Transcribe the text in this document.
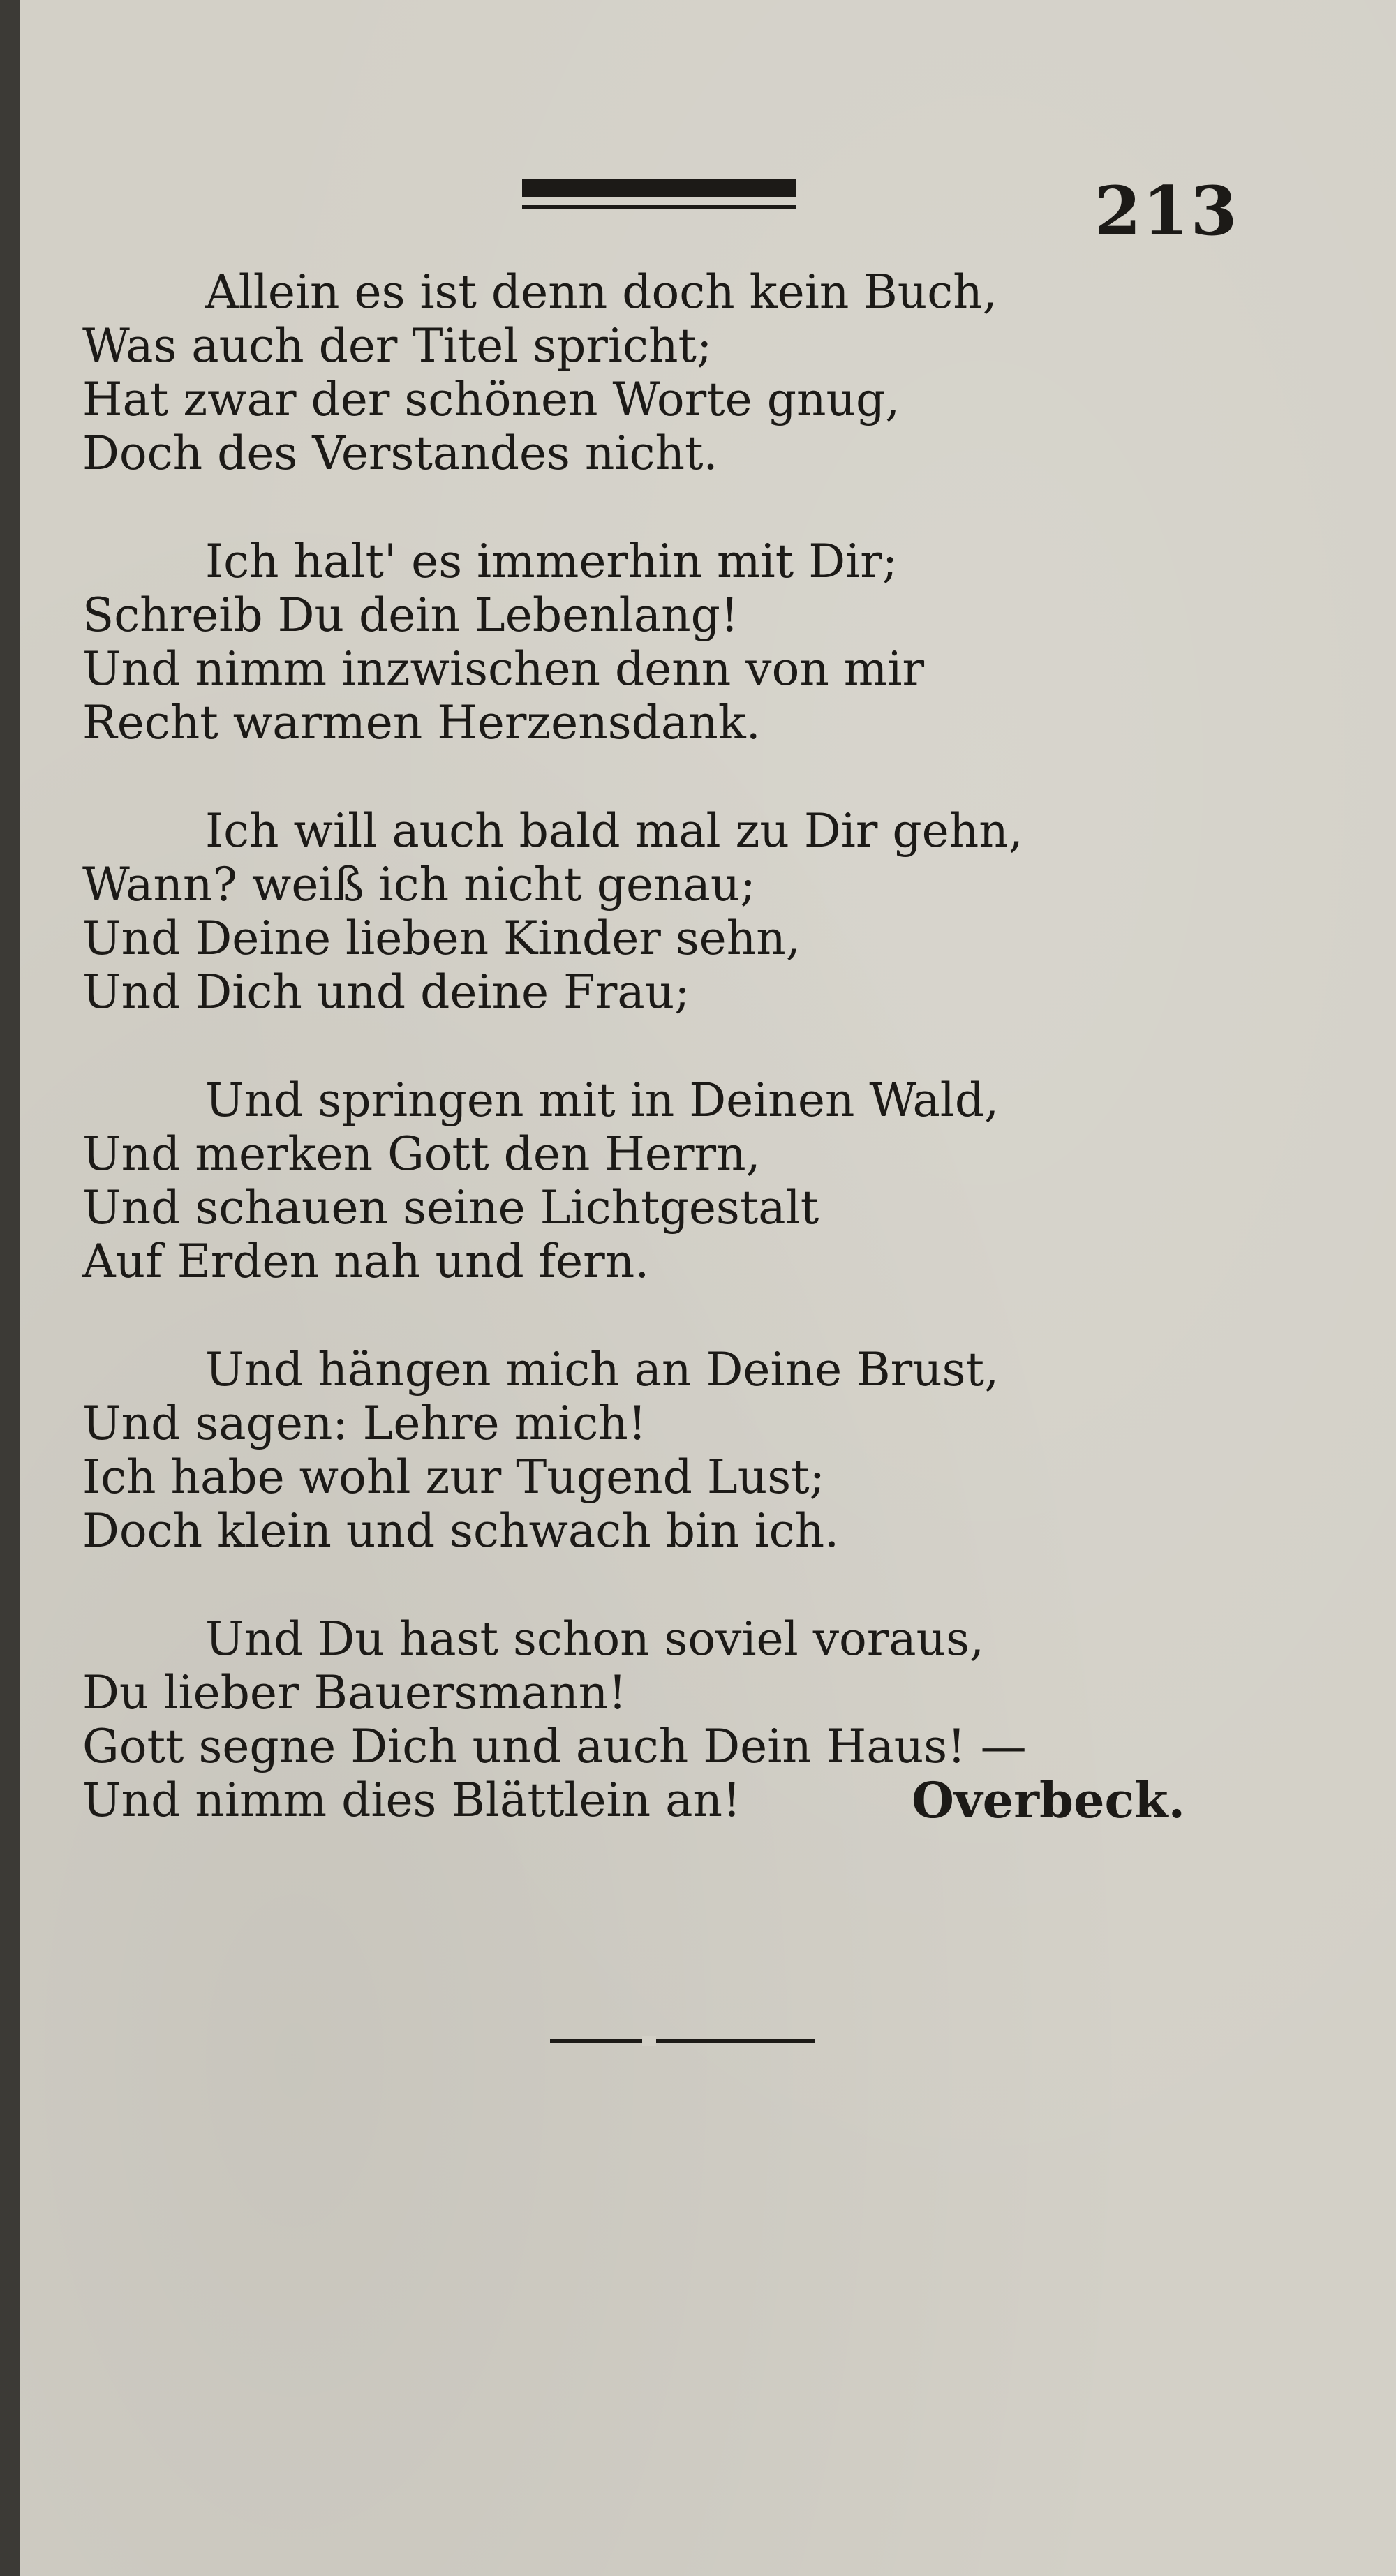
213
Allein es ist denn doch kein Buch,
Was auch der Titel spricht;
Hat zwar der schönen Worte gnug,
Doch des Verstandes nicht.
Ich halt' es immerhin mit Dir;
Schreib Du dein Lebenlang!
Und nimm inzwischen denn von mir
Recht warmen Herzensdank.
Ich will auch bald mal zu Dir gehn,
Wann? weiß ich nicht genau;
Und Deine lieben Kinder sehn,
Und Dich und deine Frau;
Und springen mit in Deinen Wald,
Und merken Gott den Herrn,
Und schauen seine Lichtgestalt
Auf Erden nah und fern.
Und hängen mich an Deine Brust,
Und sagen: Lehre mich!
Ich habe wohl zur Tugend Lust;
Doch klein und schwach bin ich.
Und Du hast schon soviel voraus,
Du lieber Bauersmann!
Gott segne Dich und auch Dein Haus! —
Und nimm dies Blättlein an!	Overbeck.
